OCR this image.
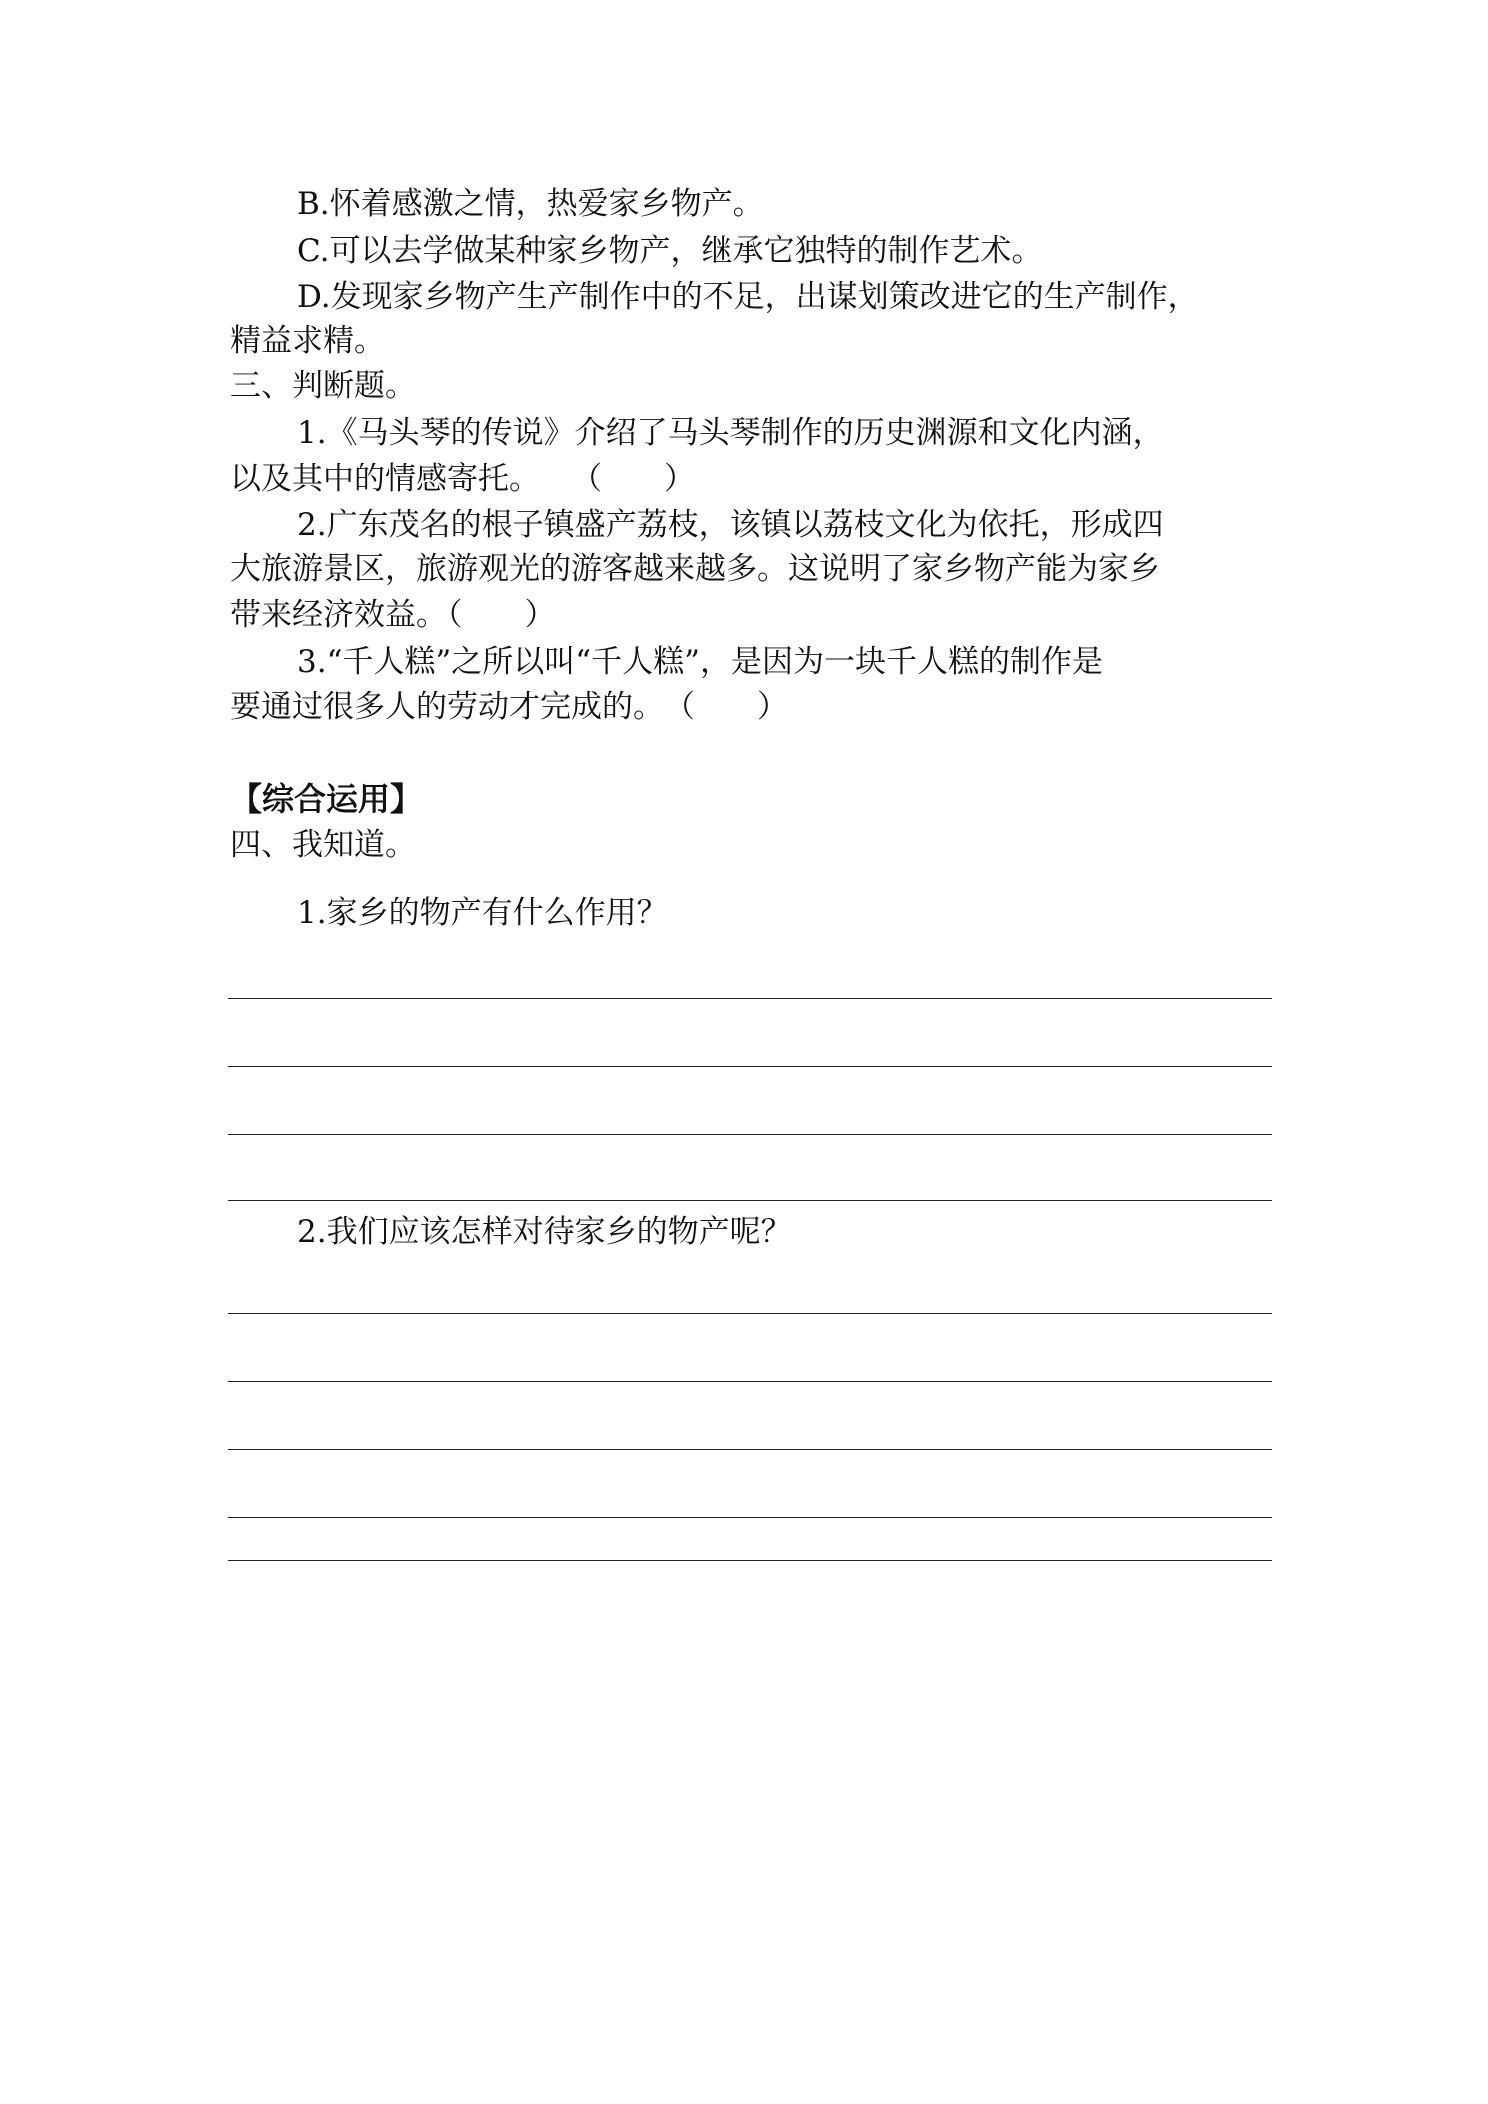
B.怀着感激之情，热爱家乡物产。
C.可以去学做某种家乡物产，继承它独特的制作艺术。
D.发现家乡物产生产制作中的不足，出谋划策改进它的生产制作，
精益求精。
三、判断题。
1.《马头琴的传说》介绍了马头琴制作的历史渊源和文化内涵，
以及其中的情感寄托。　　（　　）
2.广东茂名的根子镇盛产荔枝，该镇以荔枝文化为依托，形成四
大旅游景区，旅游观光的游客越来越多。这说明了家乡物产能为家乡
带来经济效益。（　　）
3.“千人糕”之所以叫“千人糕”，是因为一块千人糕的制作是
要通过很多人的劳动才完成的。　（　　）
【综合运用】
四、我知道。
1.家乡的物产有什么作用？
2.我们应该怎样对待家乡的物产呢？
